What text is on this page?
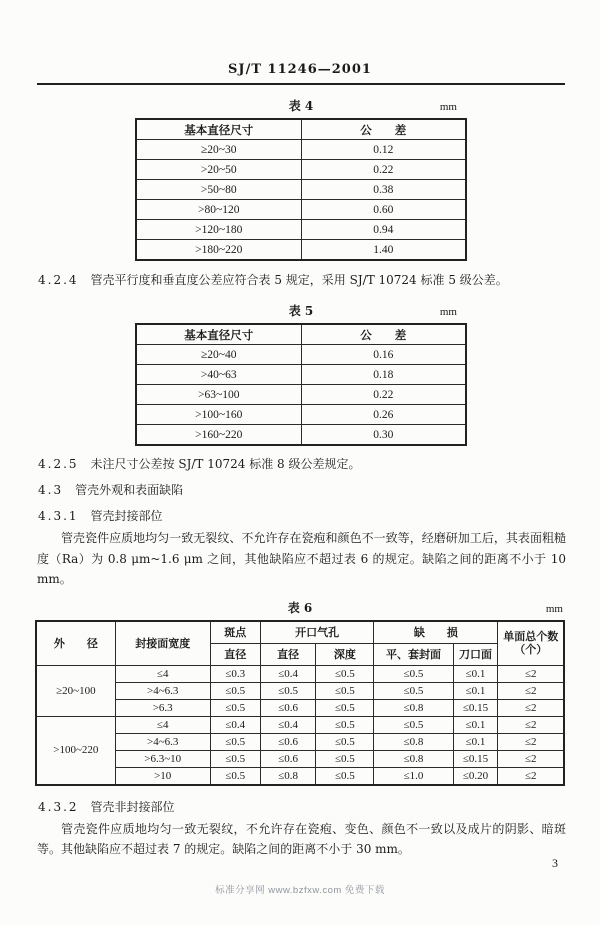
SJ/T 11246—2001
表 4	mm
基本直径尺寸	公　　差
≥20~30	0.12
>20~50	0.22
>50~80	0.38
>80~120	0.60
>120~180	0.94
>180~220	1.40

4.2.4 管壳平行度和垂直度公差应符合表 5 规定，采用 SJ/T 10724 标准 5 级公差。

表 5	mm
基本直径尺寸	公　　差
≥20~40	0.16
>40~63	0.18
>63~100	0.22
>100~160	0.26
>160~220	0.30

4.2.5 未注尺寸公差按 SJ/T 10724 标准 8 级公差规定。

4.3 管壳外观和表面缺陷

4.3.1 管壳封接部位

管壳瓷件应质地均匀一致无裂纹、不允许存在瓷疱和颜色不一致等，经磨研加工后，其表面粗糙度（Ra）为 0.8 μm~1.6 μm 之间，其他缺陷应不超过表 6 的规定。缺陷之间的距离不小于 10 mm。

表 6	mm
外　　径	封接面宽度	斑点	开口气孔		缺　　损		单面总个数
（个）
		直径	直径	深度	平、套封面	刀口面	
≥20~100	≤4	≤0.3	≤0.4	≤0.5	≤0.5	≤0.1	≤2
	>4~6.3	≤0.5	≤0.5	≤0.5	≤0.5	≤0.1	≤2
	>6.3	≤0.5	≤0.6	≤0.5	≤0.8	≤0.15	≤2
>100~220	≤4	≤0.4	≤0.4	≤0.5	≤0.5	≤0.1	≤2
	>4~6.3	≤0.5	≤0.6	≤0.5	≤0.8	≤0.1	≤2
	>6.3~10	≤0.5	≤0.6	≤0.5	≤0.8	≤0.15	≤2
	>10	≤0.5	≤0.8	≤0.5	≤1.0	≤0.20	≤2

4.3.2 管壳非封接部位

管壳瓷件应质地均匀一致无裂纹，不允许存在瓷疱、变色、颜色不一致以及成片的阴影、暗斑等。其他缺陷应不超过表 7 的规定。缺陷之间的距离不小于 30 mm。

3
标准分享网 www.bzfxw.com 免费下载
